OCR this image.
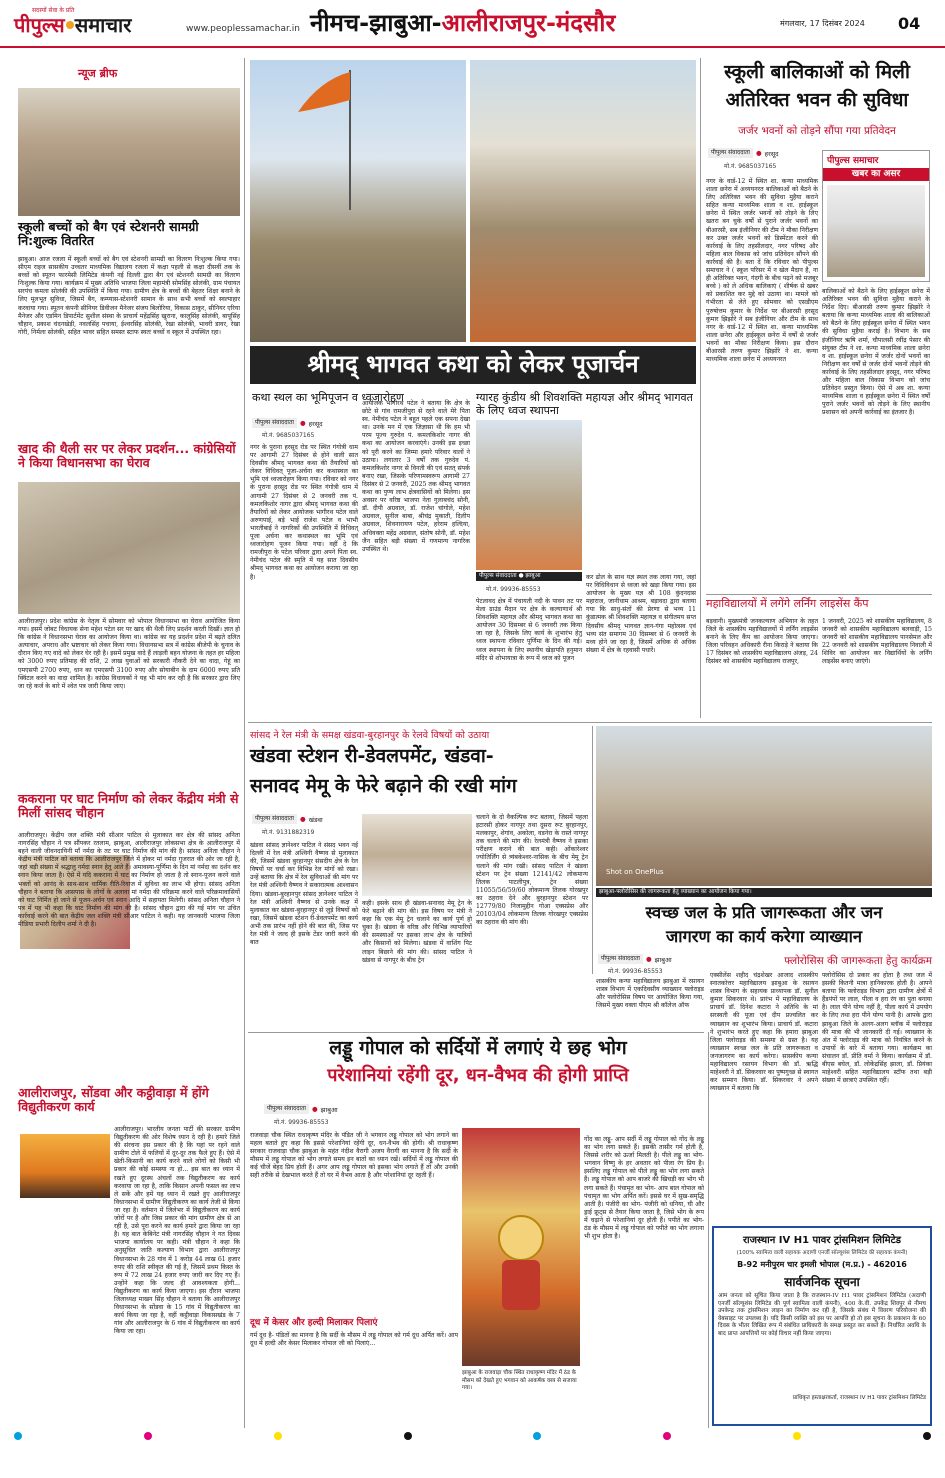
सदस्यों सेवा के प्रति
पीपुल्स समाचार	www.peoplessamachar.in नीमच-झाबुआ-आलीराजपुर-मंदसौर	मंगलवार, 17 दिसंबर 2024 04
न्यूज ब्रीफ
स्कूली बच्चों को बैग एवं स्टेशनरी सामग्री नि:शुल्क वितरित
झाबुआ। आज रजला में स्कूली बच्चों को बैग एवं स्टेशनरी सामग्री का वितरण निःशुल्क किया गया। सीएम राइज सासकीय उच्चतर माध्यमिक विद्यालय रजला में कक्षा पहली से कक्षा दीसवीं तक के बच्चों को स्पूतन फारमेसी लिमिटेड कंपनी नई दिल्ली द्वारा बैग एवं स्टेशनरी सामग्री का वितरण निःशुल्क किया गया। कार्यक्रम में मुख्य अतिथि भाजपा जिला महामंत्री सोमसिंह सोलंकी, ग्राम पंचायत सरपंच कमला सोलंकी की उपस्थिति में किया गया। ग्रामीण क्षेत्र के बच्चों की बेहतर शिक्षा बनाने के लिए मूलभूत सुविधा, जिसमें बैग, कम्प्यास-स्टेशनरी सामान के साथ सभी बच्चों को स्वल्पाहार करवाया गया। स्पूतन कंपनी सीनियर डिवीजन मैनेजर संजय बिलोरिया, विकास ठाकुर, सीनियर एरिया मैनेजर और एडमिन डिपार्टमेंट सुशील संस्था के प्राचार्य महेंद्रसिंह खुराना, कालुसिंह सोलंकी, बापूसिंह चौहान, प्रकाश चंदनखेड़ी, नवलसिंह पचाया, ईश्वरसिंह सोलंकी, रेखा सोलंकी, भावरी डावर, रेखा गोरी, निर्मला सोलंकी, सहित भावर सहित समस्त स्टाफ स्वतः बच्चों व स्कूल में उपस्थित रहा।
खाद की थैली सर पर लेकर प्रदर्शन... कांग्रेसियों ने किया विधानसभा का घेराव
आलीराजपुर। प्रदेश कांग्रेस के नेतृत्व में सोमवार को भोपाल विधानसभा का घेराव आयोजित किया गया। इसमें जोबट विधायक सेना महेश पटेल सर पर खाद की थैली लिए प्रदर्शन करती दिखीं। ज्ञात हो कि कांग्रेस ने विधानसभा घेराव का आयोजन किया था। कांग्रेस का यह प्रदर्शन प्रदेश में बढ़ते दलित अत्याचार, अपराध और भ्रष्टाचार को लेकर किया गया। विधानसभा सत्र में कांग्रेस बीजेपी के चुनाव के दौरान किए गए वादे को लेकर घेर रही है। इसमें प्रमुख वादे हैं लाड़ली बहन योजना के तहत हर महिला को 3000 रुपए प्रतिमाह की राशि, 2 लाख युवाओं को सरकारी नौकरी देने का वादा, गेहूं का एमएसपी 2700 रुपए, धान का एमएसपी 3100 रुपए और सोयाबीन के दाम 6000 रुपए प्रति क्विंटल करने का वादा शामिल है। कांग्रेस विधायकों ने यह भी मांग कर रही है कि सरकार द्वारा लिए जा रहे कर्ज के बारे में श्वेत पत्र जारी किया जाए।
ककराना पर घाट निर्माण को लेकर केंद्रीय मंत्री से मिलीं सांसद चौहान
आलीराजपुर। केंद्रीय जल शक्ति मंत्री सीआर पाटिल से मुलाकात कर क्षेत्र की सांसद अनिता नागरसिंह चौहान ने पत्र सौंपकर रतलाम, झाबुआ, आलीराजपुर लोकसभा क्षेत्र के आलीराजपुर में बहने वाली जीवनदायिनी माँ नर्मदा के तट पर घाट निर्माण की मांग की है। सांसद अनिता चौहान ने केंद्रीय मंत्री पाटिल को बताया कि आलीराजपुर जिले में होकर मां नर्मदा गुजरात की ओर जा रही है, जहां बड़ी संख्या में श्रद्धालु नर्मदा स्नान हेतु आते हैं। अमावस्या-पूर्णिमा के दिन मां नर्मदा का दर्शन कर स्नान किया जाता है। ऐसे में यदि ककराना में घाट का निर्माण हो जाता है तो स्नान-पूजन करने वाले भक्तों को आनंद के साथ-साथ धार्मिक रीति-रिवाज में सुविधा का लाभ भी होगा। सांसद अनिता चौहान ने बताया कि आसपास के लोगों के अलावा मां नर्मदा की परिक्रमा करने वाले परिक्रमावासियों को घाट निर्मित हो जाने से पूजन-अर्चन एवं स्नान आदि में सहायता मिलेगी। सांसद अनिता चौहान ने पत्र में यह भी कहा कि घाट निर्माण की मांग की है। सांसद चौहान द्वारा की गई मांग पर उचित कार्रवाई करने की बात केंद्रीय जल शक्ति मंत्री सीआर पाटिल ने कही। यह जानकारी भाजपा जिला मीडिया प्रभारी दिलीप शर्मा ने दी है।
आलीराजपुर, सोंडवा और कट्ठीवाड़ा में होंगे विद्युतीकरण कार्य
आलीराजपुर। भारतीय जनता पार्टी की सरकार ग्रामीण विद्युतीकरण की ओर विशेष ध्यान दे रही है। हमारे जिले की संरचना इस प्रकार की है कि यहां पर रहने वाले ग्रामीण टोले में फलियों में दूर-दूर तक फैले हुए हैं। ऐसे में खेती-किसानी का कार्य करने वाले लोगों को किसी भी प्रकार की कोई समस्या ना हो... इस बात का ध्यान में रखते हुए दूरस्थ अंचलों तक विद्युतीकरण का कार्य करवाया जा रहा है, ताकि किसान अपनी फसल का लाभ ले सकें और हमें यह ध्यान में रखते हुए आलीराजपुर विधानसभा में ग्रामीण विद्युतीकरण का कार्य तेजी से किया जा रहा है। वर्तमान में जिलेभर में विद्युतीकरण का कार्य जोरों पर है और जिस प्रकार की मांग ग्रामीण क्षेत्र से आ रही है, उसे पूरा करने का कार्य हमारे द्वारा किया जा रहा है। यह बात केबिनेट मंत्री नागरसिंह चौहान ने गत दिवस भाजपा कार्यालय पर कही। मंत्री चौहान ने कहा कि अनुसूचित जाति कल्याण विभाग द्वारा आलीराजपुर विधानसभा के 28 गांव में 1 करोड़ 44 लाख 61 हजार रुपए की राशि स्वीकृत की गई है, जिसमें प्रथम किस्त के रूप में 72 लाख 24 हजार रुपए जारी कर दिए गए हैं। उन्होंने कहा कि जल्द ही आवश्यकता होगी... विद्युतीकरण का कार्य किया जाएगा। इस दौरान भाजपा जिलाध्यक्ष माखन सिंह चौहान ने बताया कि आलीराजपुर विधानसभा के सोंडवा के 15 गांव में विद्युतीकरण का कार्य किया जा रहा है, वहीं कट्ठीवाड़ा विकासखंड के 7 गांव और आलीराजपुर के 6 गांव में विद्युतीकरण का कार्य किया जा रहा।
श्रीमद् भागवत कथा को लेकर पूजार्चन
कथा स्थल का भूमिपूजन व ध्वजारोहण
पीपुल्स संवाददाता ● हरसूद
मो.नं. 9685037165
नगर के पुराना हरसूद रोड पर स्थित गंगोत्री धाम पर आगामी 27 दिसंबर से होने वाली सात दिवसीय श्रीमद् भागवत कथा की तैयारियों को लेकर विधिवत् पूजा-अर्चना कर कथास्थल का भूमि एवं ध्वजारोहण किया गया। रविवार को नगर के पुराना हरसूद रोड पर स्थित गंगोत्री धाम में आगामी 27 दिसंबर से 2 जनवरी तक पं. कमलकिशोर नागर द्वारा श्रीमद् भागवत कथा की तैयारियों को लेकर आयोजक भागीरथ पटेल वाले अरुणपाई, बड़े भाई राजेश पटेल व भाभी भारतीबाई ने नागरिकों की उपस्थिति में विधिवत् पूजा अर्चना कर कथास्थल का भूमि एवं ध्वजारोहण पूजन किया गया। वहीं दे कि रामजीपुरा के पटेल परिवार द्वारा अपने पिता स्व. नेमीचंद पटेल की स्मृति में यह सात दिवसीय श्रीमद् भागवत कथा का आयोजन कराया जा रहा है।
आयोजक भागीरथ पटेल ने बताया कि क्षेत्र के छोटे से गांव रामजीपुरा से रहने वाले मेरे पिता स्व. नेमीचंद पटेल ने बहुत पहले एक सपना देखा था। उनके मन में एक जिज्ञासा थी कि हम भी परम पूज्य गुरुदेव पं. कमलकिशोर नागर की कथा का आयोजन करवाएंगे। उनकी इस इच्छा को पूरी करने का जिम्मा हमारे परिवार वालों ने उठाया। लगातार 3 वर्षों तक गुरुदेव पं. कमलकिशोर नागर से विनती की एवं सतत् संपर्क बनाए रखा, जिसके परिणामस्वरूप आगामी 27 दिसंबर से 2 जनवरी, 2025 तक श्रीमद् भागवत कथा का पुण्य लाभ क्षेत्रवासियों को मिलेगा। इस अवसर पर वरिष्ठ भाजपा नेता गुलाबचंद सोनी, डॉ. दीपी अग्रवाल, डॉ. राजेश चांगोले, महेश अग्रवाल, सुनील बाबा, श्रीचंद्र मुकाती, दिलीप अग्रवाल, शिवनारायण पटेल, हरेराम हल्दिया, अधिवक्ता महेंद्र अग्रवाल, संतोष सोनी, डॉ. महेश जैन सहित बड़ी संख्या में गणमान्य नागरिक उपस्थित थे।
ग्यारह कुंडीय श्री शिवशक्ति महायज्ञ और श्रीमद् भागवत के लिए ध्वज स्थापना
पीपुल्स संवाददाता ● झाबुआ
मो.नं. 99936-85553
पेटलावद क्षेत्र में पंचायती नदी के पावन तट पर मेला ग्राउंड मैदान पर क्षेत्र के कल्याणार्थ श्री शिवशक्ति महायज्ञ और श्रीमद् भागवत कथा का आयोजन 30 दिसम्बर से 6 जनवरी तक किया जा रहा है, जिसके लिए कार्य के शुभारंभ हेतु ध्वज स्थापना रविवार पूर्णिमा के दिन की गई। ध्वज स्थापना के लिए स्थानीय खेड़ापति हनुमान मंदिर से शोभायात्रा के रूप में ध्वज को पूजन
कर ढोल के साथ यज्ञ स्थल तक लाया गया, जहां पर विधिविधान से ध्वजा को खड़ा किया गया। इस आयोजन के मुख्य यज्ञ श्री 108 कुंदनदास महाराज, जानीधाम आश्रम, बड़ावदा द्वारा बताया गया कि साधु-संतों की प्रेरणा से भव्य 11 कुंडात्मक श्री शिवशक्ति महायज्ञ व संगीतमय सप्त दिवसीय श्रीमद् भागवत ज्ञान-गंगा महोत्सव एवं भव्य संत समागम 30 दिसम्बर से 6 जनवरी के मध्य होने जा रहा है, जिसमें अधिक से अधिक संख्या में क्षेत्र के रहवासी पधारें।
स्कूली बालिकाओं को मिली
अतिरिक्त भवन की सुविधा
जर्जर भवनों को तोड़ने सौंपा गया प्रतिवेदन
पीपुल्स संवाददाता ● हरसूद
मो.नं. 9685037165
पीपुल्स समाचार
खबर का असर
नगर के वार्ड-12 में स्थित शा. कन्या माध्यमिक शाला छनेरा में अध्ययनरत बालिकाओं को बैठने के लिए अतिरिक्त भवन की सुविधा मुहैया कराने सहित कन्या माध्यमिक शाला व शा. हाईस्कूल छनेरा में स्थित जर्जर भवनों को तोड़ने के लिए खतरा बन चुके वर्षों से पुराने जर्जर भवनों का बीआरसी, सब इंजीनियर की टीम ने मौका निरीक्षण कर उक्त जर्जर भवनों को डिस्मेंटल करने की कार्रवाई के लिए तहसीलदार, नगर परिषद और महिला बाल विकास को जांच प्रतिवेदन सौंपने की कार्रवाई की है। बता दें कि रविवार को पीपुल्स समाचार ने ( स्कूल परिसर में न खेल मैदान है, ना ही अतिरिक्त भवन, गंदगी के बीच पढ़ने को मजबूर बच्चे ) को ले अधिक बालिकाएं ( शीर्षक से खबर को प्रकाशित कर मुद्दे को उठाया था। मामले को गंभीरता से लेते हुए सोमवार को एसडीएम पुरुषोत्तम कुमार के निर्देश पर बीआरसी हरसूद कुमार झिझोरे ने सब इंजीनियर और टीम के साथ नगर के वार्ड-12 में स्थित शा. कन्या माध्यमिक शाला छनेरा और हाईस्कूल छनेरा में वर्षों से जर्जर भवनों का मौका निरीक्षण किया। इस दौरान बीआरसी तरुण कुमार झिझोरे ने शा. कन्या माध्यमिक शाला छनेरा में अध्ययनरत
बालिकाओं को बैठने के लिए हाईस्कूल छनेरा में अतिरिक्त भवन की सुविधा मुहैया कराने के निर्देश दिए। बीआरसी तरुण कुमार झिझोरे ने बताया कि कन्या माध्यमिक शाला की बालिकाओं को बैठने के लिए हाईस्कूल छनेरा में स्थित भवन की सुविधा मुहैया कराई है। विभाग के सब इंजीनियर ऋषि शर्मा, चौपालसी रवींद्र पेसार की संयुक्त टीम ने शा. कन्या माध्यमिक शाला छनेरा व शा. हाईस्कूल छनेरा में जर्जर दोनों भवनों का निरीक्षण कर वर्षों से जर्जर दोनों भवनों तोड़ने की कार्रवाई के लिए तहसीलदार हरसूद, नगर परिषद और महिला बाल विकास विभाग को जांच प्रतिवेदन प्रस्तुत किया। ऐसे में अब शा. कन्या माध्यमिक शाला व हाईस्कूल छनेरा में स्थित वर्षों पुराने जर्जर भवनों को तोड़ने के लिए स्थानीय प्रशासन को अपनी कार्रवाई का इंतजार है।
महाविद्यालयों में लगेंगे लर्निंग लाइसेंस कैंप
बड़वानी। मुख्यमंत्री जनकल्याण अभियान के तहत जिले के शासकीय महाविद्यालयों में लर्निंग लाइसेंस बनाने के लिए कैंप का आयोजन किया जाएगा। जिला परिवहन अधिकारी रीना किराड़े ने बताया कि 17 दिसंबर को शासकीय महाविद्यालय अंजड़, 24 दिसंबर को शासकीय महाविद्यालय राजपुर,
1 जनवरी, 2025 को शासकीय महाविद्यालय, 8 जनवरी को शासकीय महाविद्यालय बलवाड़ी, 15 जनवरी को शासकीय महाविद्यालय पानसेमल और 22 जनवरी को शासकीय महाविद्यालय निवाली में शिविर का आयोजन कर विद्यार्थियों के लर्निंग लाइसेंस बनाए जाएंगे।
सांसद ने रेल मंत्री के समक्ष खंडवा-बुरहानपुर के रेलवे विषयों को उठाया
खंडवा स्टेशन री-डेवलपमेंट, खंडवा-
सनावद मेमू के फेरे बढ़ाने की रखी मांग
पीपुल्स संवाददाता ● खंडवा
मो.नं. 9131882319
खंडवा सांसद ज्ञानेश्वर पाटिल ने संसद भवन नई दिल्ली में रेल मंत्री अश्विनी वैष्णव से मुलाकात की, जिसमें खंडवा बुरहानपुर संसदीय क्षेत्र के रेल विषयों पर चर्चा कर विभिन्न रेल मांगों को रखा। उन्हें बताया कि क्षेत्र में रेल सुविधाओं की मांग पर रेल मंत्री अश्विनी वैष्णव ने सकारात्मक आश्वासन दिया। खंडवा-बुरहानपुर सांसद ज्ञानेश्वर पाटिल ने रेल मंत्री अश्विनी वैष्णव से उनके कक्ष में मुलाकात कर खंडवा-बुरहानपुर से जुड़े विषयों को रखा, जिसमें खंडवा स्टेशन री-डेवलपमेंट का कार्य अभी तक प्रारंभ नहीं होने की बात की, जिस पर रेल मंत्री ने जल्द ही इसके टेंडर जारी करने की बात
कही। इसके साथ ही खंडवा-सनावद मेमू ट्रेन के फेरे बढ़ाने की मांग की। इस विषय पर मंत्री ने कहा कि एक मेमू ट्रेन चलाने का कार्य पूर्ण हो चुका है। खंडवा के वरिष्ठ और विभिन्न व्यापारियों की समस्याओं पर इसका लाभ क्षेत्र के यात्रियों और किसानों को मिलेगा। खंडवा में वाशिंग पिट लाइन बिछाने की मांग की। सांसद पाटिल ने खंडवा से नागपुर के बीच ट्रेन
चलाने के दो वैकल्पिक रूट बताया, जिसमें पहला इटारसी होकर नागपुर तथा दूसरा रूट बुरहानपुर, मलकापुर, शेगांव, अकोला, वडनेरा के रास्ते नागपुर तक चलाने की मांग की। रेलमंत्री वैष्णव ने इसका परीक्षण कराने की बात कही। ओंकारेश्वर ज्योतिर्लिंग से त्र्यंबकेश्वर-नासिक के बीच मेमू ट्रेन चलाने की मांग रखी। सांसद पाटिल ने खंडवा स्टेशन पर ट्रेन संख्या 12141/42 लोकमान्य तिलक पाटलीपुत्र, ट्रेन संख्या 11055/56/59/60 लोकमान्य तिलक गोरखपुर का ठहराव देने और बुरहानपुर स्टेशन पर 12779/80 निजामुद्दीन गोआ एक्सप्रेस और 20103/04 लोकमान्य तिलक गोरखपुर एक्सप्रेस का ठहराव की मांग की।
Shot on OnePlus
झाबुआ-फ्लोरोसिस की जागरूकता हेतु व्याख्यान का आयोजन किया गया।
स्वच्छ जल के प्रति जागरूकता और जन
जागरण का कार्य करेगा व्याख्यान
पीपुल्स संवाददाता ● झाबुआ
मो.नं. 99936-85553
फ्लोरोसिस की जागरूकता हेतु कार्यक्रम
शासकीय कन्या महाविद्यालय झाबुआ में रसायन शास्त्र विभाग में एकदिवसीय व्याख्यान फ्लोराइड और फ्लोरोसिस विषय पर आयोजित किया गया, जिसमें मुख्य वक्ता पीएम श्री कॉलेज ऑफ
एक्सीलेंस शहीद चंद्रशेखर आजाद शासकीय स्नातकोत्तर महाविद्यालय झाबुआ के रसायन शास्त्र विभाग के सहायक प्राध्यापक डॉ. सुनील कुमार सिकरवार थे। प्रारंभ में महाविद्यालय के प्राचार्य डॉ. दिनेश कटारा ने अतिथि के मां सरस्वती की पूजा एवं दीप प्रज्वलित कर व्याख्यान का शुभारंभ किया। प्राचार्य डॉ. कटारा ने शुभारंभ करते हुए कहा कि हमारा झाबुआ जिला फ्लोराइड की समस्या से ग्रस्त है। यह व्याख्यान स्वच्छ जल के प्रति जागरूकता व जनजागरण का कार्य करेगा। सासकीय कन्या महाविद्यालय रसायन विभाग की डॉ. ऋद्धि माहेश्वरी ने डॉ. सिकरवार का पुष्पगुच्छ से स्वागत कर सम्मान किया। डॉ. सिकरवार ने अपने व्याख्यान में बताया कि
फ्लोरोसिस दो प्रकार का होता है तथा जल में इसकी कितनी मात्रा हानिकारक होती है। आपने बताया कि फ्लोराइड विभाग द्वारा ग्रामीण क्षेत्रों में हैंडपंपों पर लाल, पीला व हरा रंग का पुता बनाया है। लाल पीने योग्य नहीं है, पीला कार्य में उपयोग के लिए तथा हरा पीने योग्य पानी है। आपके द्वारा झाबुआ जिले के अलग-अलग ब्लॉक में फ्लोराइड की मात्रा की भी जानकारी दी गई। व्याख्यान के अंत में फ्लोराइड की मात्रा को नियंत्रित करने के उपायों के बारे में बताया गया। कार्यक्रम का संचालन डॉ. प्रीति वर्मा ने किया। कार्यक्रम में डॉ. बीएस बघेल, डॉ. लोकेंद्रसिंह झाला, डॉ. प्रियंका माहेश्वरी सहित महाविद्यालय स्टॉफ तथा बड़ी संख्या में छात्राएं उपस्थित रहीं।
लड्डू गोपाल को सर्दियों में लगाएं ये छह भोग
परेशानियां रहेंगी दूर, धन-वैभव की होगी प्राप्ति
पीपुल्स संवाददाता ● झाबुआ
मो.नं. 99936-85553
राजवाड़ा चौक स्थित राधाकृष्ण मंदिर के पंडित जी ने भगवान लड्डू गोपाल को भोग लगाने का महत्व बताते हुए कहा कि इससे परेशानियां रहेंगी दूर, धन-वैभव की होगी। श्री राधाकृष्ण सरकार राजवाड़ा चौक झाबुआ के महंत नंदीश वैरागी अजय वैरागी का मानना है कि सर्दी के मौसम में लड्डू गोपाल को भोग लगाते समय इन बातों का ध्यान रखें। सर्दियों में लड्डू गोपाल की कई चीजें बेहद प्रिय होती हैं। अगर आप लड्डू गोपाल को इसका भोग लगाते हैं तो और उनकी सही तरीके से देखभाल करते हैं तो घर में वैभव आता है और परेशानियां दूर रहती हैं।
दूध में केसर और हल्दी मिलाकर पिलाएं
गर्म दूध है- पंडितों का मानना है कि सर्दी के मौसम में लड्डू गोपाल को गर्म दूध अर्पित करें। आप दूध में हल्दी और केसर मिलाकर गोपाल जी को पिलाएं...
झाबुआ के राजवाड़ा चौक स्थित राधाकृष्ण मंदिर में ठंड के मौसम को देखते हुए भगवान को आकर्षक वस्त्र से सजाया गया।
गोंद का लड्डू- आप सर्दी में लड्डू गोपाल को गोंद के लड्डू का भोग लगा सकते हैं। इसकी तासीर गर्म होती है, जिससे शरीर को ऊर्जा मिलती है। पीले लड्डू का भोग- भगवान विष्णु के हर अवतार को पीला रंग प्रिय है। इसलिए लड्डू गोपाल को पीले लड्डू का भोग लगा सकते हैं। लड्डू गोपाल को आप बाजरे की खिचड़ी का भोग भी लगा सकते हैं। पंचामृत का भोग- आप बाल गोपाल को पंचामृत का भोग अर्पित करें। इससे घर में सुख-समृद्धि आती है। पंजीरी का भोग- पंजीरी को धनिया, घी और ड्राई फ्रूट्स से तैयार किया जाता है, जिसे भोग के रूप में चढ़ाने से परेशानियां दूर होती हैं। पपीते का भोग- ठंड के मौसम में लड्डू गोपाल को पपीते का भोग लगाना भी शुभ होता है।	राजस्थान IV H1 पावर ट्रांसमिशन लिमिटेड
(100% स्वामित्व वाली सहायक अदाणी एनर्जी सॉल्यूशंस लिमिटेड की सहायक कंपनी)
B-92 मनीपुरम चार इमली भोपाल (म.प्र.) - 462016
सार्वजनिक सूचना
आम जनता को सूचित किया जाता है कि राजस्थान-IV H1 पावर ट्रांसमिशन लिमिटेड (अदाणी एनर्जी सॉल्यूशंस लिमिटेड की पूर्ण स्वामित्व वाली कंपनी), 400 के.वी. उपकेंद्र शिवपुर से नीमच उपकेन्द्र तक ट्रांसमिशन लाइन का निर्माण कर रही है, जिसके संबंध में विवरण परियोजना की वेबसाइट पर उपलब्ध है। यदि किसी व्यक्ति को इस पर आपत्ति हो तो इस सूचना के प्रकाशन के 60 दिवस के भीतर लिखित रूप में संबंधित प्राधिकारी के समक्ष प्रस्तुत कर सकते हैं। निर्धारित अवधि के बाद प्राप्त आपत्तियों पर कोई विचार नहीं किया जाएगा।
प्राधिकृत हस्ताक्षरकर्ता, राजस्थान IV H1 पावर ट्रांसमिशन लिमिटेड
